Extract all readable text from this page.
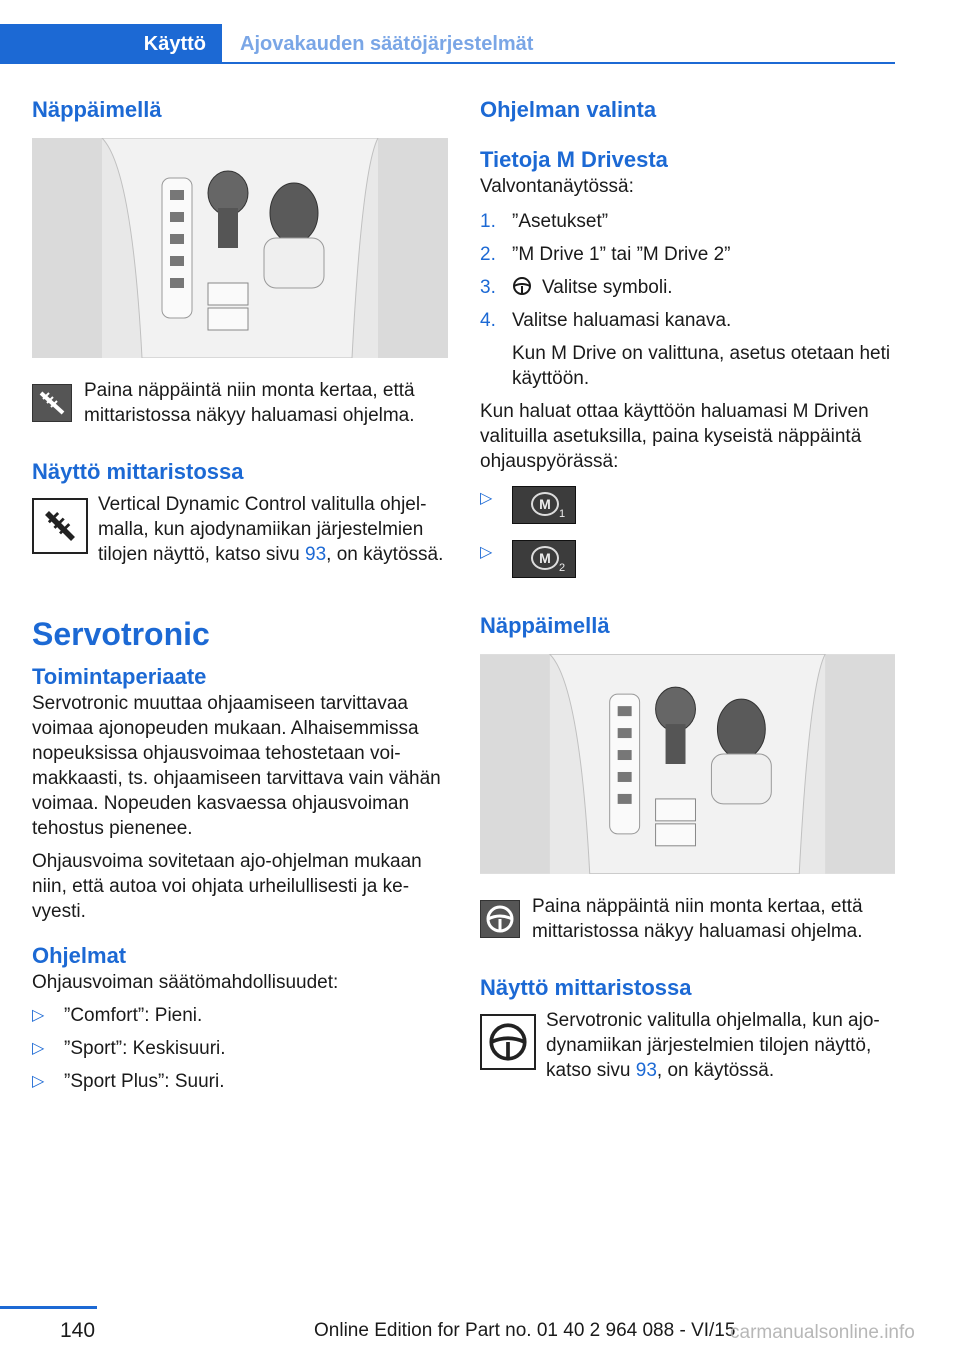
Käyttö Ajovakauden säätöjärjestelmät
Näppäimellä
Paina näppäintä niin monta kertaa, että mittaristossa näkyy haluamasi ohjelma.
Näyttö mittaristossa
Vertical Dynamic Control valitulla ohjelmalla, kun ajodynamiikan järjestelmien tilojen näyttö, katso sivu 93, on käytössä.
Servotronic
Toimintaperiaate

Servotronic muuttaa ohjaamiseen tarvittavaa voimaa ajonopeuden mukaan. Alhaisemmissa nopeuksissa ohjausvoimaa tehostetaan voimakkaasti, ts. ohjaamiseen tarvittava vain vähän voimaa. Nopeuden kasvaessa ohjausvoiman tehostus pienenee.

Ohjausvoima sovitetaan ajo-ohjelman mukaan niin, että autoa voi ohjata urheilullisesti ja kevyesti.

Ohjelmat

Ohjausvoiman säätömahdollisuudet:

▷ ”Comfort”: Pieni.
▷ ”Sport”: Keskisuuri.
▷ ”Sport Plus”: Suuri.
Ohjelman valinta
Tietoja M Drivesta

Valvontanäytössä:

1. ”Asetukset”
2. ”M Drive 1” tai ”M Drive 2”
3. Valitse symboli.
4. Valitse haluamasi kanava.
Kun M Drive on valittuna, asetus otetaan heti käyttöön.

Kun haluat ottaa käyttöön haluamasi M Driven valituilla asetuksilla, paina kyseistä näppäintä ohjauspyörässä:

▷	M
1
▷	M
2
Näppäimellä
Paina näppäintä niin monta kertaa, että mittaristossa näkyy haluamasi ohjelma.
Näyttö mittaristossa
Servotronic valitulla ohjelmalla, kun ajodynamiikan järjestelmien tilojen näyttö, katso sivu 93, on käytössä.
140	Online Edition for Part no. 01 40 2 964 088 - VI/15
carmanualsonline.info
